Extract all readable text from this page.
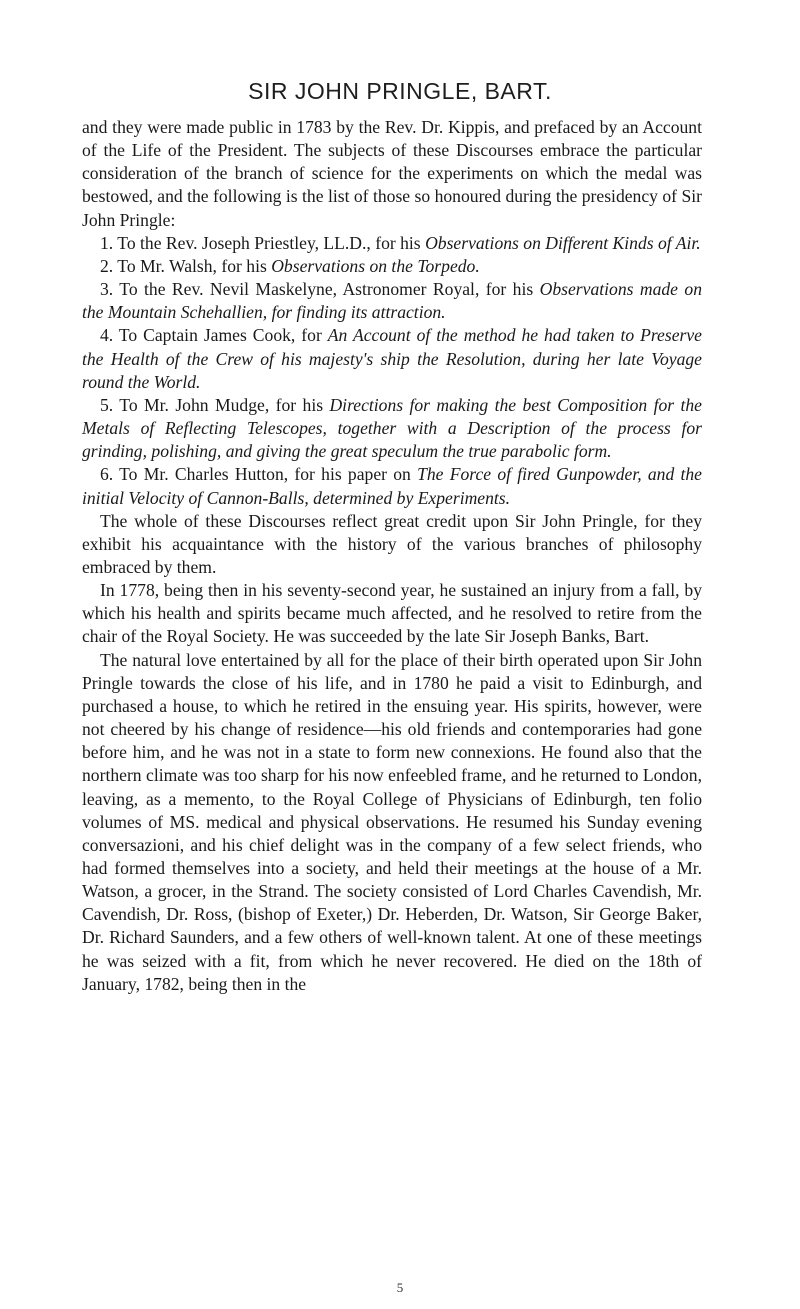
SIR JOHN PRINGLE, BART.

and they were made public in 1783 by the Rev. Dr. Kippis, and prefaced by an Account of the Life of the President. The subjects of these Discourses embrace the particular consideration of the branch of science for the experiments on which the medal was bestowed, and the following is the list of those so honoured during the presidency of Sir John Pringle:

1. To the Rev. Joseph Priestley, LL.D., for his Observations on Different Kinds of Air.

2. To Mr. Walsh, for his Observations on the Torpedo.

3. To the Rev. Nevil Maskelyne, Astronomer Royal, for his Observations made on the Mountain Schehallien, for finding its attraction.

4. To Captain James Cook, for An Account of the method he had taken to Preserve the Health of the Crew of his majesty's ship the Resolution, during her late Voyage round the World.

5. To Mr. John Mudge, for his Directions for making the best Composition for the Metals of Reflecting Telescopes, together with a Description of the process for grinding, polishing, and giving the great speculum the true parabolic form.

6. To Mr. Charles Hutton, for his paper on The Force of fired Gunpowder, and the initial Velocity of Cannon-Balls, determined by Experiments.

The whole of these Discourses reflect great credit upon Sir John Pringle, for they exhibit his acquaintance with the history of the various branches of philosophy embraced by them.

In 1778, being then in his seventy-second year, he sustained an injury from a fall, by which his health and spirits became much affected, and he resolved to retire from the chair of the Royal Society. He was succeeded by the late Sir Joseph Banks, Bart.

The natural love entertained by all for the place of their birth operated upon Sir John Pringle towards the close of his life, and in 1780 he paid a visit to Edinburgh, and purchased a house, to which he retired in the ensuing year. His spirits, however, were not cheered by his change of residence—his old friends and contemporaries had gone before him, and he was not in a state to form new connexions. He found also that the northern climate was too sharp for his now enfeebled frame, and he returned to London, leaving, as a memento, to the Royal College of Physicians of Edinburgh, ten folio volumes of MS. medical and physical observations. He resumed his Sunday evening conversazioni, and his chief delight was in the company of a few select friends, who had formed themselves into a society, and held their meetings at the house of a Mr. Watson, a grocer, in the Strand. The society consisted of Lord Charles Cavendish, Mr. Cavendish, Dr. Ross, (bishop of Exeter,) Dr. Heberden, Dr. Watson, Sir George Baker, Dr. Richard Saunders, and a few others of well-known talent. At one of these meetings he was seized with a fit, from which he never recovered. He died on the 18th of January, 1782, being then in the

5
